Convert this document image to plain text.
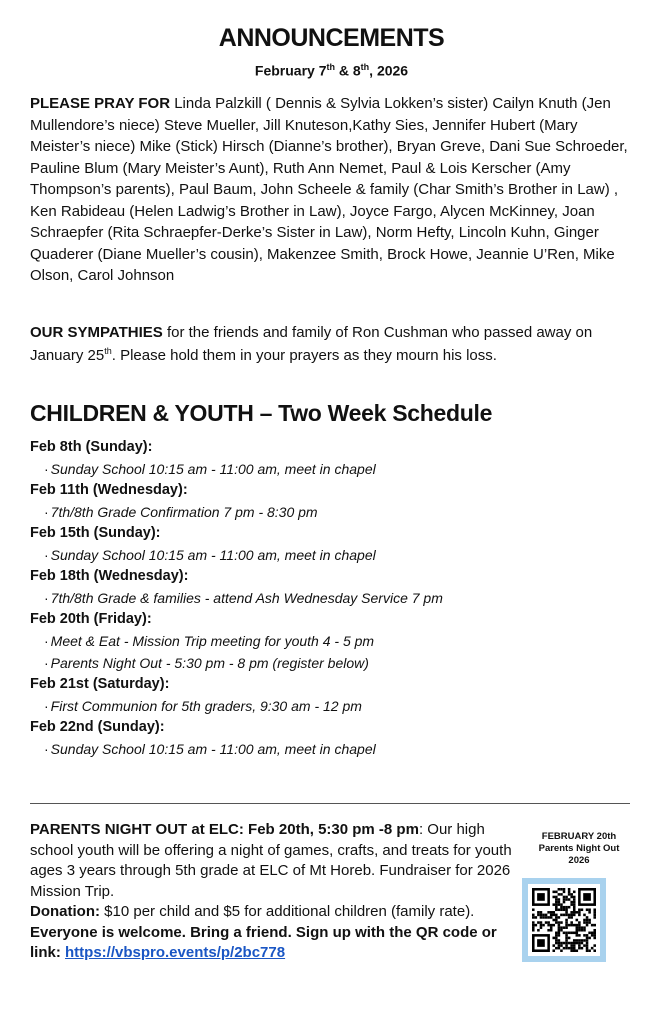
ANNOUNCEMENTS
February 7th & 8th, 2026
PLEASE PRAY FOR Linda Palzkill ( Dennis & Sylvia Lokken’s sister) Cailyn Knuth (Jen Mullendore’s niece) Steve Mueller, Jill Knuteson,Kathy Sies, Jennifer Hubert (Mary Meister’s niece) Mike (Stick) Hirsch (Dianne’s brother), Bryan Greve, Dani Sue Schroeder, Pauline Blum (Mary Meister’s Aunt), Ruth Ann Nemet, Paul & Lois Kerscher (Amy Thompson’s parents), Paul Baum, John Scheele & family (Char Smith’s Brother in Law) , Ken Rabideau (Helen Ladwig’s Brother in Law), Joyce Fargo, Alycen McKinney, Joan Schraepfer (Rita Schraepfer-Derke’s Sister in Law), Norm Hefty, Lincoln Kuhn, Ginger Quaderer (Diane Mueller’s cousin), Makenzee Smith, Brock Howe, Jeannie U’Ren, Mike Olson, Carol Johnson
OUR SYMPATHIES for the friends and family of Ron Cushman who passed away on January 25th. Please hold them in your prayers as they mourn his loss.
CHILDREN & YOUTH – Two Week Schedule
Feb 8th (Sunday):
· Sunday School 10:15 am - 11:00 am, meet in chapel
Feb 11th (Wednesday):
· 7th/8th Grade Confirmation 7 pm - 8:30 pm
Feb 15th (Sunday):
· Sunday School 10:15 am - 11:00 am, meet in chapel
Feb 18th (Wednesday):
· 7th/8th Grade & families - attend Ash Wednesday Service 7 pm
Feb 20th (Friday):
· Meet & Eat - Mission Trip meeting for youth 4 - 5 pm
· Parents Night Out - 5:30 pm - 8 pm (register below)
Feb 21st (Saturday):
· First Communion for 5th graders, 9:30 am - 12 pm
Feb 22nd (Sunday):
· Sunday School 10:15 am - 11:00 am, meet in chapel
PARENTS NIGHT OUT at ELC: Feb 20th, 5:30 pm -8 pm: Our high school youth will be offering a night of games, crafts, and treats for youth ages 3 years through 5th grade at ELC of Mt Horeb. Fundraiser for 2026 Mission Trip.
Donation: $10 per child and $5 for additional children (family rate).
Everyone is welcome. Bring a friend. Sign up with the QR code or link: https://vbspro.events/p/2bc778
FEBRUARY 20th
Parents Night Out
2026
